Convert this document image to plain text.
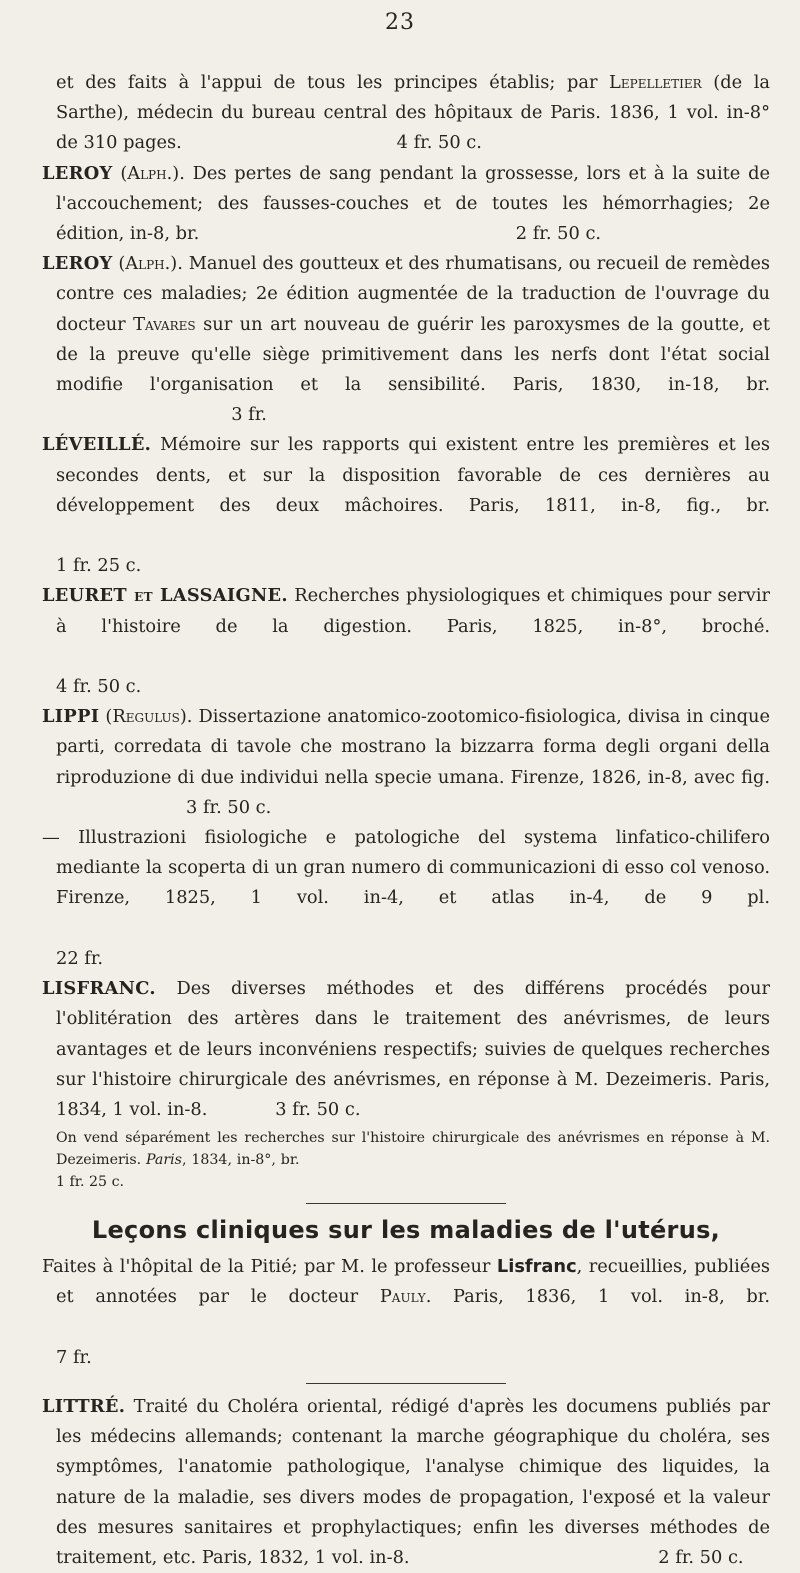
23

et des faits à l'appui de tous les principes établis; par Lepelletier (de la Sarthe), médecin du bureau central des hôpitaux de Paris. 1836, 1 vol. in-8° de 310 pages.	4 fr. 50 c.

LEROY (Alph.). Des pertes de sang pendant la grossesse, lors et à la suite de l'accouchement; des fausses-couches et de toutes les hémorrhagies; 2e édition, in-8, br.	2 fr. 50 c.

LEROY (Alph.). Manuel des goutteux et des rhumatisans, ou recueil de remèdes contre ces maladies; 2e édition augmentée de la traduction de l'ouvrage du docteur Tavares sur un art nouveau de guérir les paroxysmes de la goutte, et de la preuve qu'elle siège primitivement dans les nerfs dont l'état social modifie l'organisation et la sensibilité. Paris, 1830, in-18, br.                                3 fr.

LÉVEILLÉ. Mémoire sur les rapports qui existent entre les premières et les secondes dents, et sur la disposition favorable de ces dernières au développement des deux mâchoires. Paris, 1811, in-8, fig., br.                                                                                                                                 1 fr. 25 c.

LEURET et LASSAIGNE. Recherches physiologiques et chimiques pour servir à l'histoire de la digestion. Paris, 1825, in-8°, broché.                                                                                                                                                                     4 fr. 50 c.

LIPPI (Regulus). Dissertazione anatomico-zootomico-fisiologica, divisa in cinque parti, corredata di tavole che mostrano la bizzarra forma degli organi della riproduzione di due individui nella specie umana. Firenze, 1826, in-8, avec fig.                        3 fr. 50 c.

— Illustrazioni fisiologiche e patologiche del systema linfatico-chilifero mediante la scoperta di un gran numero di communicazioni di esso col venoso. Firenze, 1825, 1 vol. in-4, et atlas in-4, de 9 pl.                                                                                                                                                                                                  22 fr.

LISFRANC. Des diverses méthodes et des différens procédés pour l'oblitération des artères dans le traitement des anévrismes, de leurs avantages et de leurs inconvéniens respectifs; suivies de quelques recherches sur l'histoire chirurgicale des anévrismes, en réponse à M. Dezeimeris. Paris, 1834, 1 vol. in-8.	3 fr. 50 c.

On vend séparément les recherches sur l'histoire chirurgicale des anévrismes en réponse à M. Dezeimeris. Paris, 1834, in-8°, br.                                                                                                  1 fr. 25 c.

Leçons cliniques sur les maladies de l'utérus,

Faites à l'hôpital de la Pitié; par M. le professeur Lisfranc, recueillies, publiées et annotées par le docteur Pauly. Paris, 1836, 1 vol. in-8, br.                                                                                                                                              7 fr.

LITTRÉ. Traité du Choléra oriental, rédigé d'après les documens publiés par les médecins allemands; contenant la marche géographique du choléra, ses symptômes, l'anatomie pathologique, l'analyse chimique des liquides, la nature de la maladie, ses divers modes de propagation, l'exposé et la valeur des mesures sanitaires et prophylactiques; enfin les diverses méthodes de traitement, etc. Paris, 1832, 1 vol. in-8.	2 fr. 50 c.
